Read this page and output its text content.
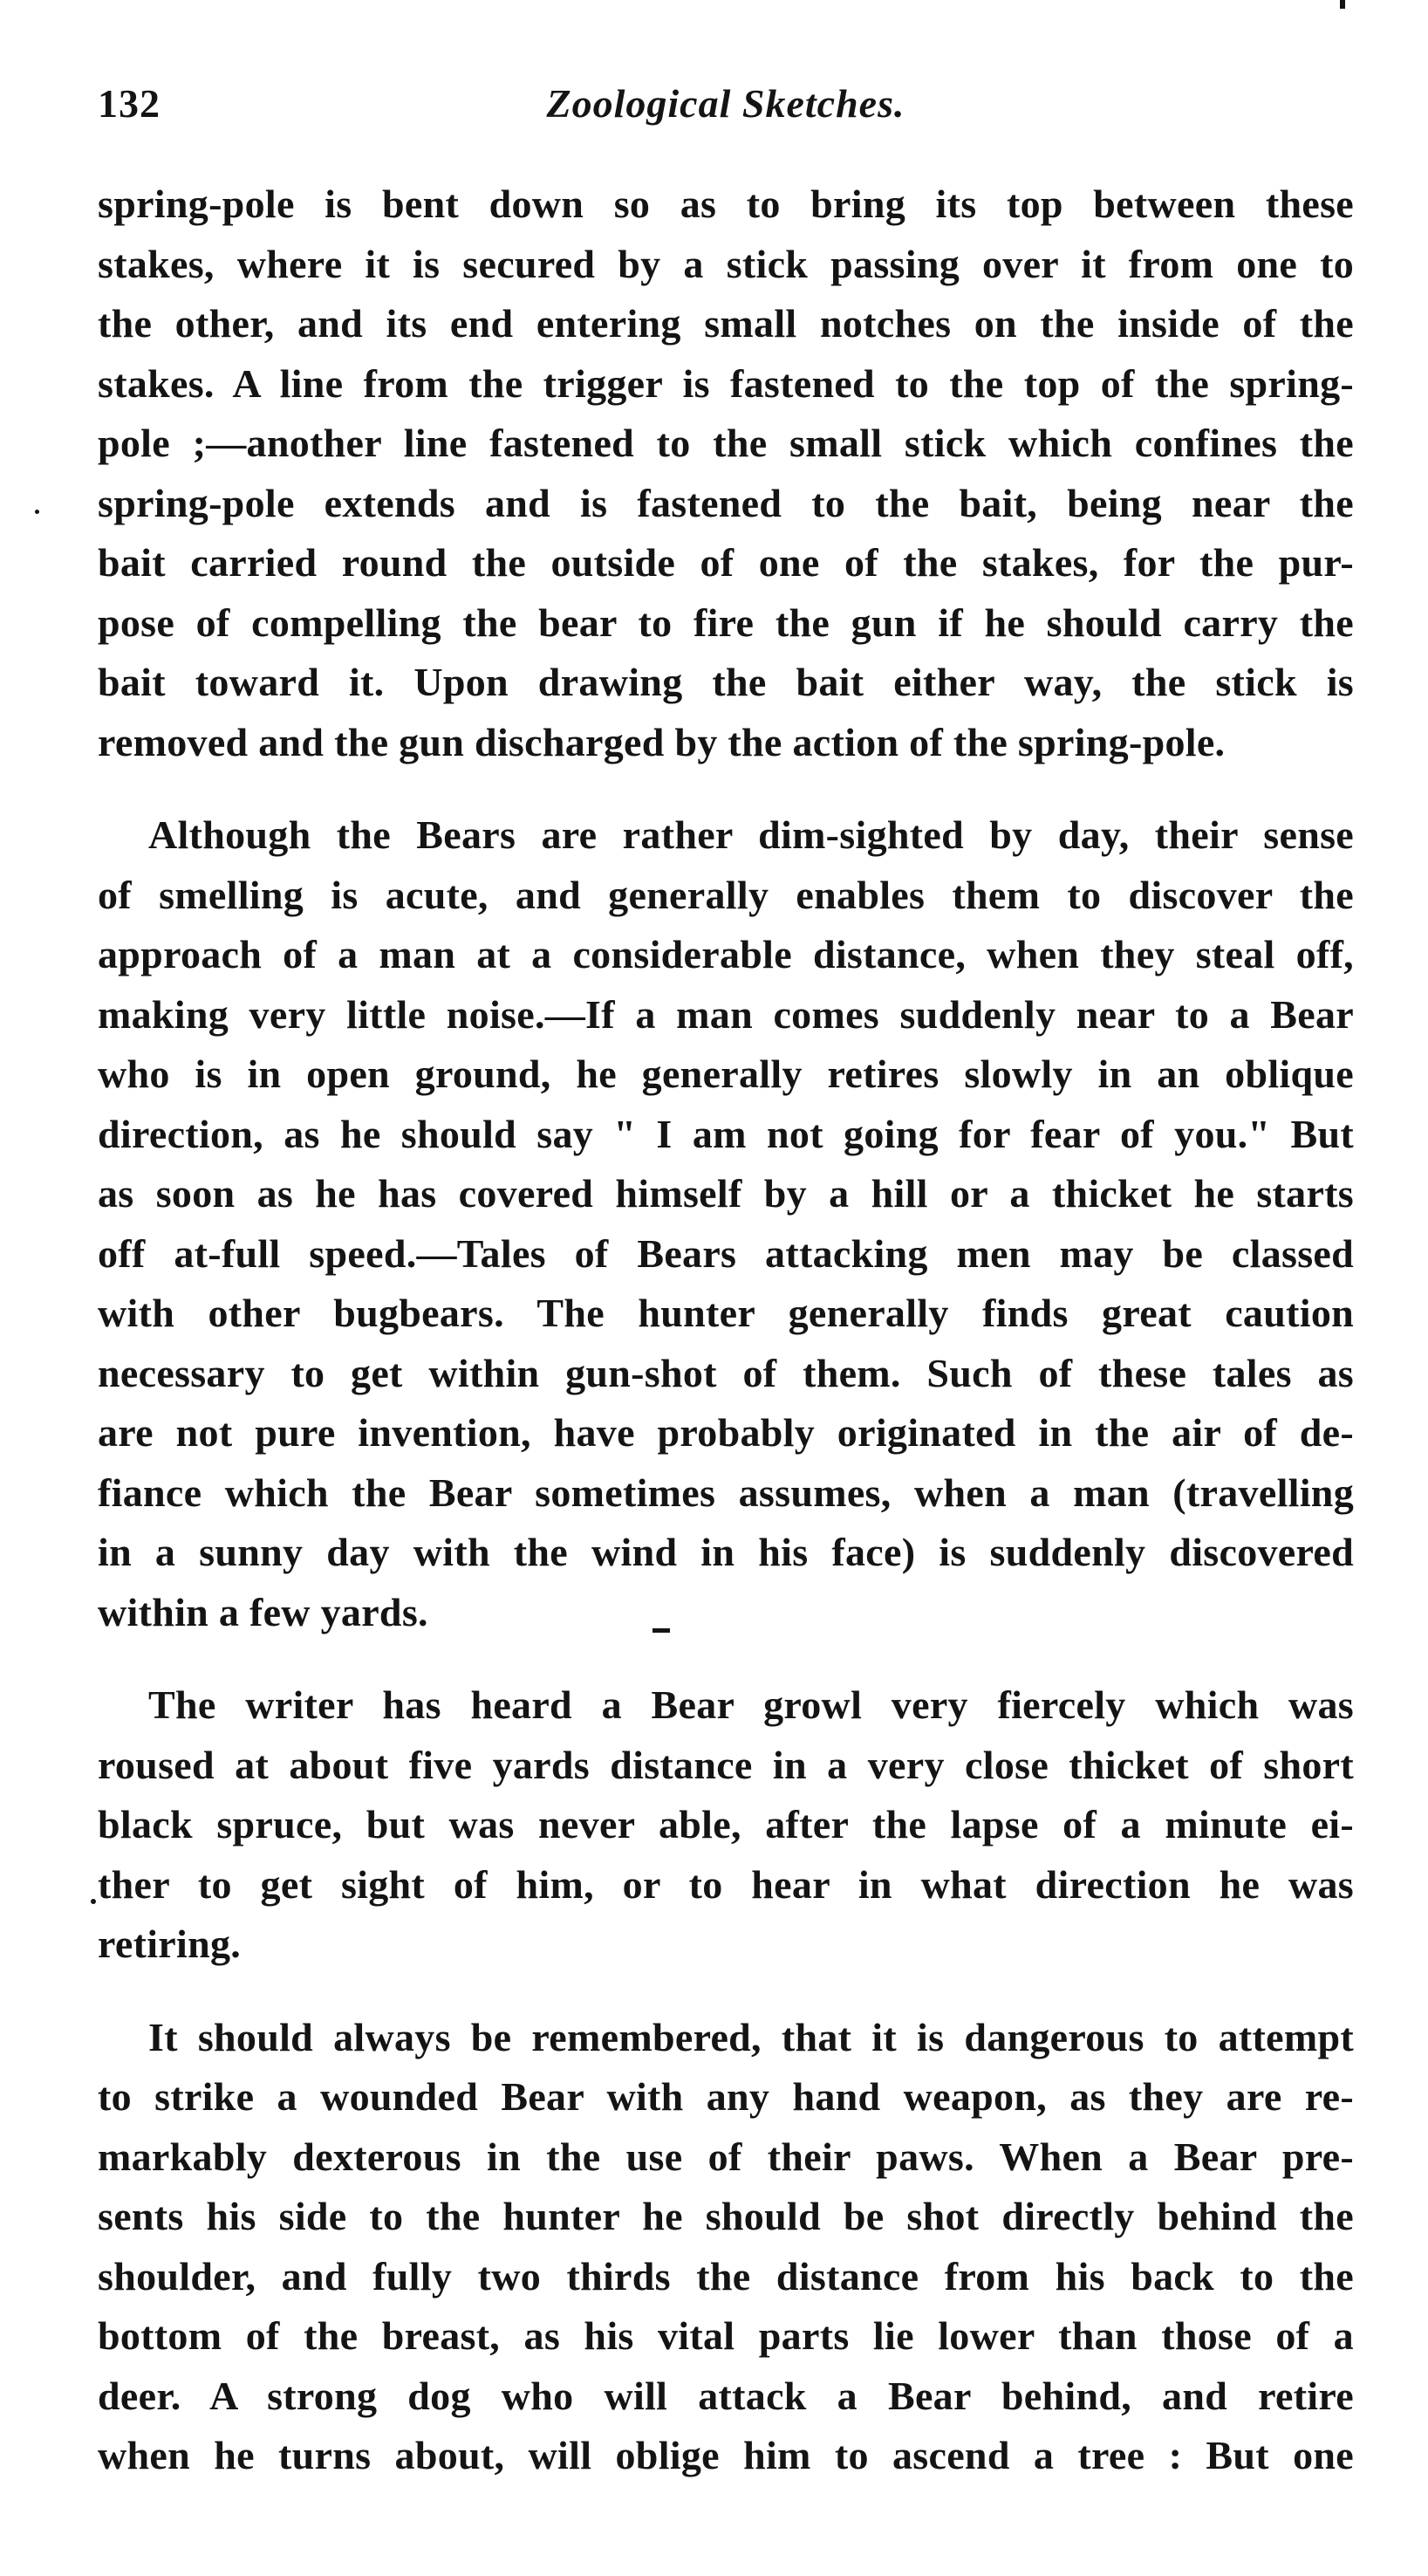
132	Zoological Sketches.

spring-pole is bent down so as to bring its top between these
stakes, where it is secured by a stick passing over it from one to
the other, and its end entering small notches on the inside of the
stakes. A line from the trigger is fastened to the top of the spring-
pole ;—another line fastened to the small stick which confines the
spring-pole extends and is fastened to the bait, being near the
bait carried round the outside of one of the stakes, for the pur-
pose of compelling the bear to fire the gun if he should carry the
bait toward it. Upon drawing the bait either way, the stick is
removed and the gun discharged by the action of the spring-pole.

Although the Bears are rather dim-sighted by day, their sense
of smelling is acute, and generally enables them to discover the
approach of a man at a considerable distance, when they steal off,
making very little noise.—If a man comes suddenly near to a Bear
who is in open ground, he generally retires slowly in an oblique
direction, as he should say " I am not going for fear of you." But
as soon as he has covered himself by a hill or a thicket he starts
off at-full speed.—Tales of Bears attacking men may be classed
with other bugbears. The hunter generally finds great caution
necessary to get within gun-shot of them. Such of these tales as
are not pure invention, have probably originated in the air of de-
fiance which the Bear sometimes assumes, when a man (travelling
in a sunny day with the wind in his face) is suddenly discovered
within a few yards.

The writer has heard a Bear growl very fiercely which was
roused at about five yards distance in a very close thicket of short
black spruce, but was never able, after the lapse of a minute ei-
ther to get sight of him, or to hear in what direction he was
retiring.

It should always be remembered, that it is dangerous to attempt
to strike a wounded Bear with any hand weapon, as they are re-
markably dexterous in the use of their paws. When a Bear pre-
sents his side to the hunter he should be shot directly behind the
shoulder, and fully two thirds the distance from his back to the
bottom of the breast, as his vital parts lie lower than those of a
deer. A strong dog who will attack a Bear behind, and retire
when he turns about, will oblige him to ascend a tree : But one
